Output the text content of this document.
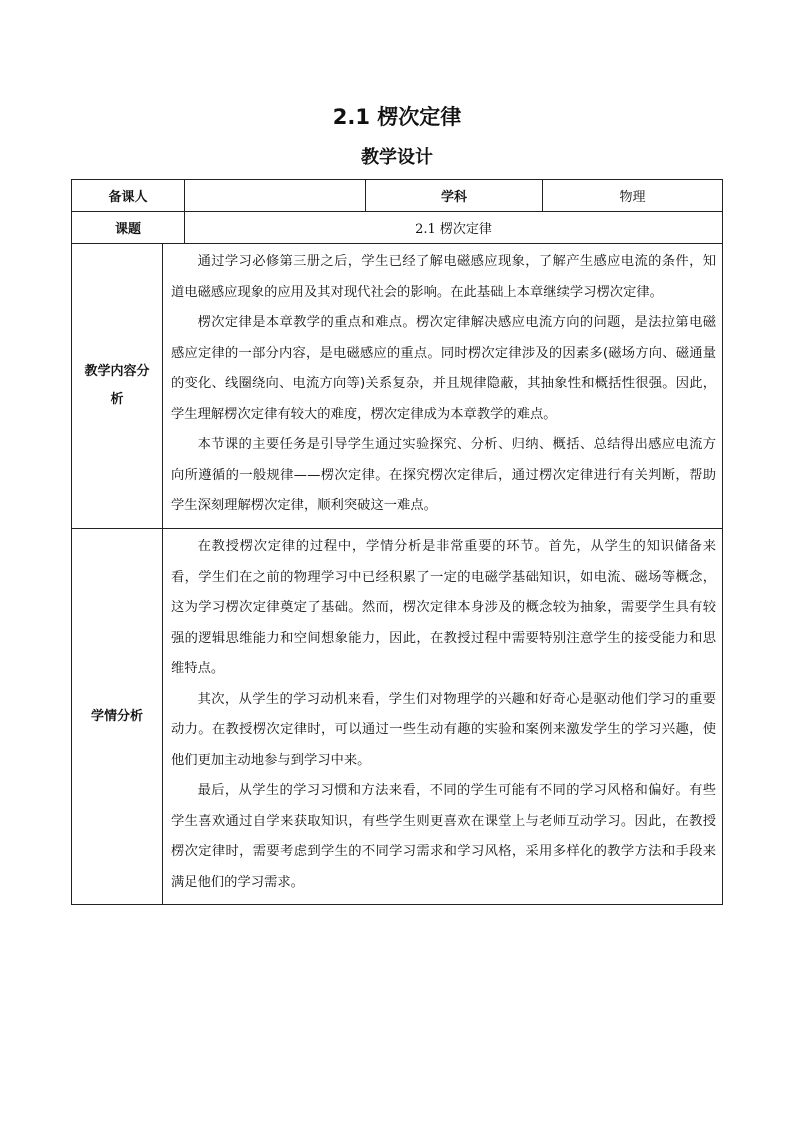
2.1 楞次定律
教学设计
备课人			学科	物理
课题		2.1 楞次定律		
教学内容分析	通过学习必修第三册之后，学生已经了解电磁感应现象，了解产生感应电流的条件，知道电磁感应现象的应用及其对现代社会的影响。在此基础上本章继续学习楞次定律。

楞次定律是本章教学的重点和难点。楞次定律解决感应电流方向的问题，是法拉第电磁感应定律的一部分内容，是电磁感应的重点。同时楞次定律涉及的因素多(磁场方向、磁通量的变化、线圈绕向、电流方向等)关系复杂，并且规律隐蔽，其抽象性和概括性很强。因此，学生理解楞次定律有较大的难度，楞次定律成为本章教学的难点。

本节课的主要任务是引导学生通过实验探究、分析、归纳、概括、总结得出感应电流方向所遵循的一般规律——楞次定律。在探究楞次定律后，通过楞次定律进行有关判断，帮助学生深刻理解楞次定律，顺利突破这一难点。			

学情分析	在教授楞次定律的过程中，学情分析是非常重要的环节。首先，从学生的知识储备来看，学生们在之前的物理学习中已经积累了一定的电磁学基础知识，如电流、磁场等概念，这为学习楞次定律奠定了基础。然而，楞次定律本身涉及的概念较为抽象，需要学生具有较强的逻辑思维能力和空间想象能力，因此，在教授过程中需要特别注意学生的接受能力和思维特点。

其次，从学生的学习动机来看，学生们对物理学的兴趣和好奇心是驱动他们学习的重要动力。在教授楞次定律时，可以通过一些生动有趣的实验和案例来激发学生的学习兴趣，使他们更加主动地参与到学习中来。

最后，从学生的学习习惯和方法来看，不同的学生可能有不同的学习风格和偏好。有些学生喜欢通过自学来获取知识，有些学生则更喜欢在课堂上与老师互动学习。因此，在教授楞次定律时，需要考虑到学生的不同学习需求和学习风格，采用多样化的教学方法和手段来满足他们的学习需求。			
